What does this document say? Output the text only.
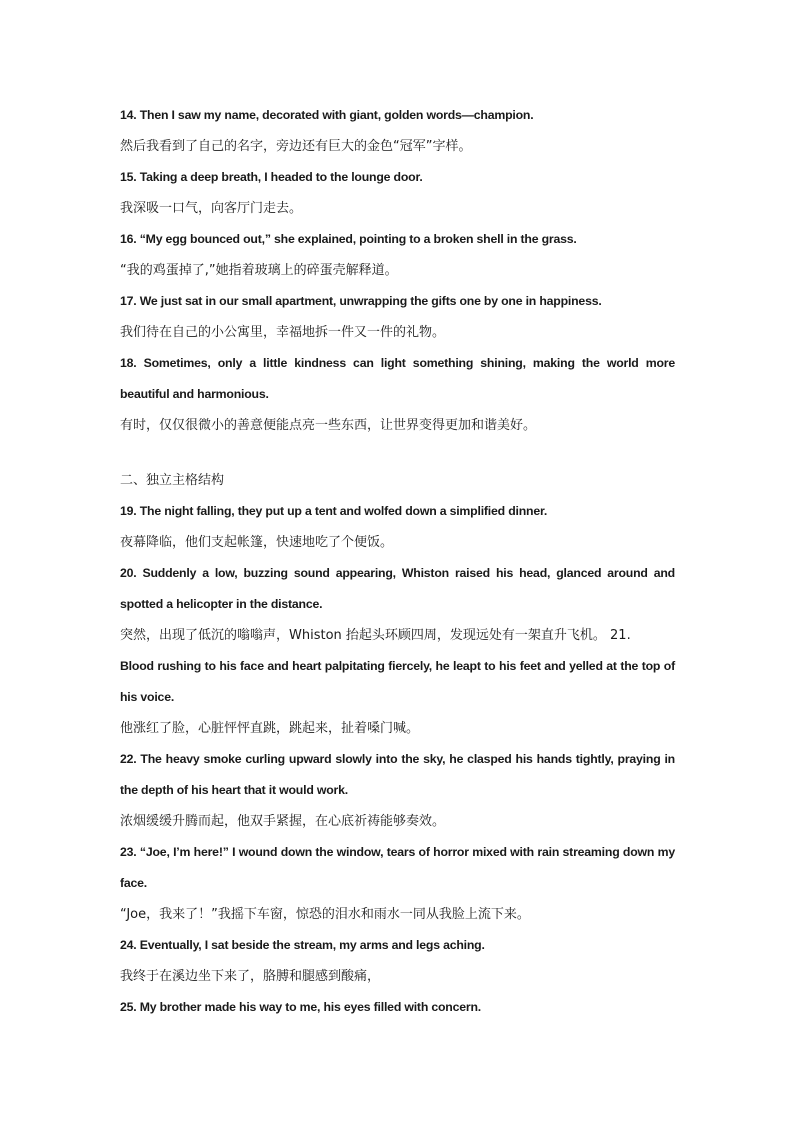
14. Then I saw my name, decorated with giant, golden words—champion.

然后我看到了自己的名字，旁边还有巨大的金色“冠军”字样。

15. Taking a deep breath, I headed to the lounge door.

我深吸一口气，向客厅门走去。

16. “My egg bounced out,” she explained, pointing to a broken shell in the grass.

“我的鸡蛋掉了,”她指着玻璃上的碎蛋壳解释道。

17. We just sat in our small apartment, unwrapping the gifts one by one in happiness.

我们待在自己的小公寓里，幸福地拆一件又一件的礼物。

18. Sometimes, only a little kindness can light something shining, making the world more beautiful and harmonious.

有时，仅仅很微小的善意便能点亮一些东西，让世界变得更加和谐美好。

二、独立主格结构

19. The night falling, they put up a tent and wolfed down a simplified dinner.

夜幕降临，他们支起帐篷，快速地吃了个便饭。

20. Suddenly a low, buzzing sound appearing, Whiston raised his head, glanced around and spotted a helicopter in the distance.

突然，出现了低沉的嗡嗡声，Whiston 抬起头环顾四周，发现远处有一架直升飞机。 21.

Blood rushing to his face and heart palpitating fiercely, he leapt to his feet and yelled at the top of his voice.

他涨红了脸，心脏怦怦直跳，跳起来，扯着嗓门喊。

22. The heavy smoke curling upward slowly into the sky, he clasped his hands tightly, praying in the depth of his heart that it would work.

浓烟缓缓升腾而起，他双手紧握，在心底祈祷能够奏效。

23. “Joe, I’m here!” I wound down the window, tears of horror mixed with rain streaming down my face.

“Joe，我来了！”我摇下车窗，惊恐的泪水和雨水一同从我脸上流下来。

24. Eventually, I sat beside the stream, my arms and legs aching.

我终于在溪边坐下来了，胳膊和腿感到酸痛，

25. My brother made his way to me, his eyes filled with concern.
